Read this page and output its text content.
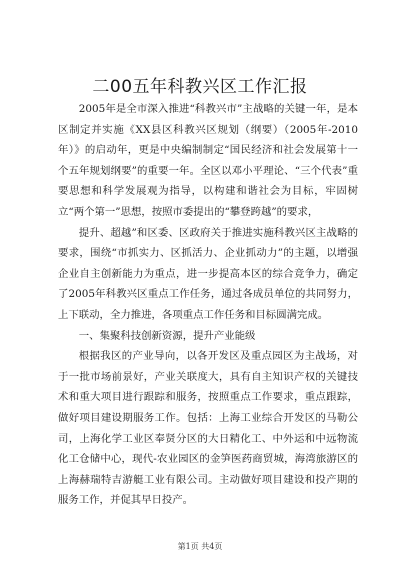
二00五年科教兴区工作汇报

2005年是全市深入推进“科教兴市”主战略的关键一年，是本区制定并实施《XX县区科教兴区规划（纲要）（2005年-2010年）》的启动年，更是中央编制制定“国民经济和社会发展第十一个五年规划纲要”的重要一年。全区以邓小平理论、“三个代表”重要思想和科学发展观为指导，以构建和谐社会为目标，牢固树立“两个第一”思想，按照市委提出的“攀登跨越”的要求，

提升、超越”和区委、区政府关于推进实施科教兴区主战略的要求，围绕“市抓实力、区抓活力、企业抓动力”的主题，以增强企业自主创新能力为重点，进一步提高本区的综合竞争力，确定了2005年科教兴区重点工作任务，通过各成员单位的共同努力，上下联动，全力推进，各项重点工作任务和目标圆满完成。

一、集聚科技创新资源，提升产业能级

根据我区的产业导向，以各开发区及重点园区为主战场，对于一批市场前景好，产业关联度大，具有自主知识产权的关键技术和重大项目进行跟踪和服务，按照重点工作要求，重点跟踪，做好项目建设期服务工作。包括：上海工业综合开发区的马勒公司，上海化学工业区奉贤分区的大日精化工、中外运和中远物流化工仓储中心，现代-农业园区的金笋医药商贸城，海湾旅游区的上海赫瑞特吉游艇工业有限公司。主动做好项目建设和投产期的服务工作，并促其早日投产。

第1页 共4页
